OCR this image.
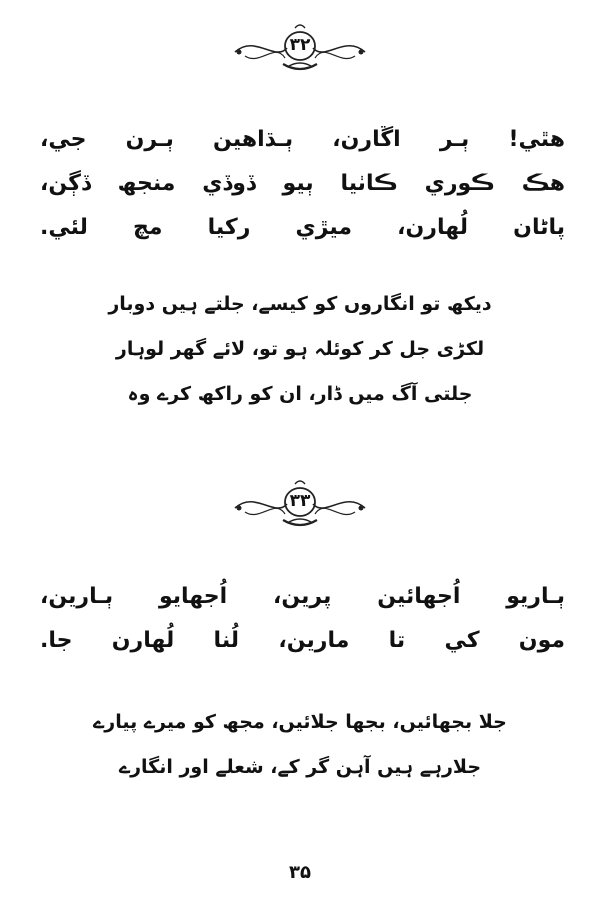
۳۲
هٿي! ٻـر اڱارن، ٻـڌاهين ٻـرن جي،
هڪ ڪوري ڪاٺيا ٻيو ڏوڏي منجھ ڏڳن،
پاڻان لُهارن، ميڙي رکيا مچ لئي.
دیکھ تو انگاروں کو کیسے، جلتے ہیں دوبار
لکڑی جل کر کوئلہ ہو تو، لائے گھر لوہار
جلتی آگ میں ڈار، ان کو راکھ کرے وہ
۳۳
ٻـاريو اُجھائين پرين، اُجھايو ٻـارين،
مون کي تا مارين، لُنا لُهارن جا.
جلا بجھائیں، بجھا جلائیں، مجھ کو میرے پیارے
جلارہے ہیں آہن گر کے، شعلے اور انگارے
۳۵
